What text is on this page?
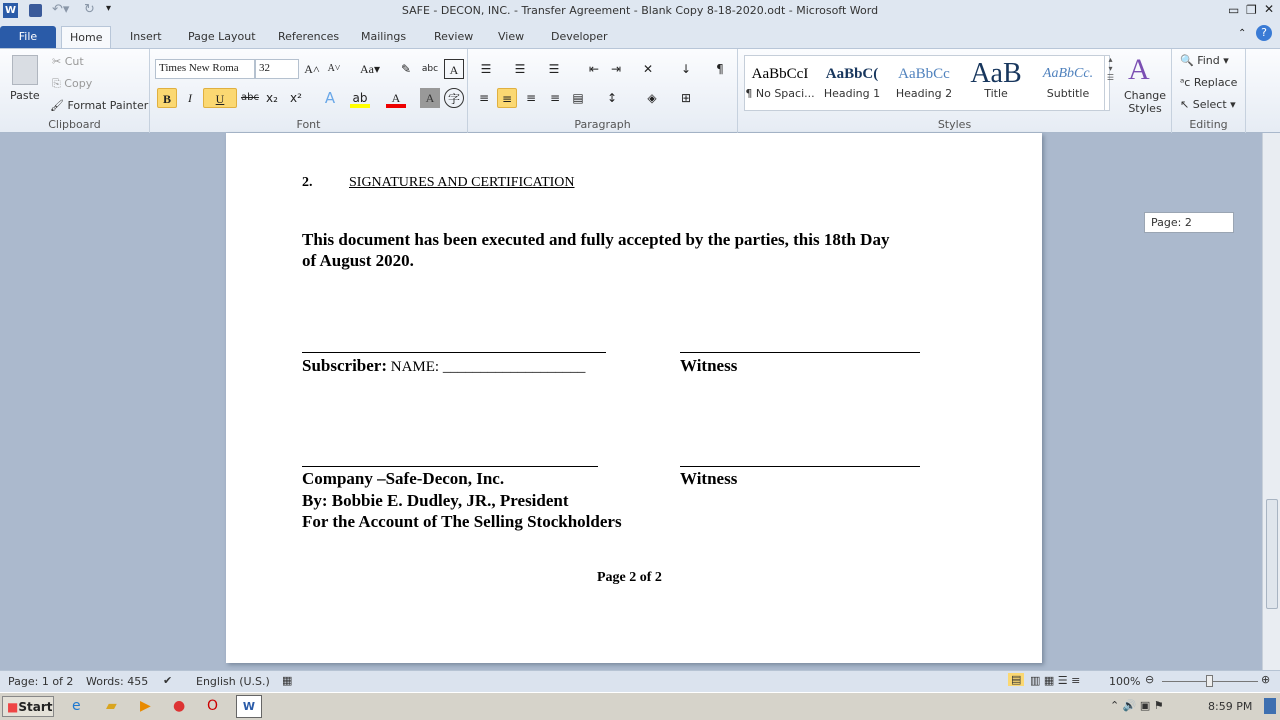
W	↶▾ ↻ ▾	SAFE - DECON, INC. - Transfer Agreement - Blank Copy 8-18-2020.odt - Microsoft Word	▭ ❐ ✕
File	Home	Insert	Page Layout	References	Mailings	Review	View	Developer	⌃	?
Paste
✂ Cut
⎘ Copy
🖌 Format Painter
Clipboard
Times New Roma	32	A˄ A˅	Aa▾	✎	abc A
B	I	U	abc x₂	x²	A	ab	A	A	字
Font
☰	☰	☰	⇤ ⇥	✕	↓	¶
≡	≡	≡	≡	▤	↕	◈	⊞
Paragraph
AaBbCcI
¶ No Spaci...
AaBbC(
Heading 1
AaBbCc
Heading 2
AaB
Title
AaBbCc.
Subtitle
▴
▾
☰ A
Change Styles
Styles
🔍 Find ▾
ᵃc Replace
↖ Select ▾
Editing
2.	SIGNATURES AND CERTIFICATION
This document has been executed and fully accepted by the parties, this 18th Day
of August 2020.
Subscriber: NAME: ___________________	Witness
Company –Safe-Decon, Inc.	Witness
By: Bobbie E. Dudley, JR., President
For the Account of The Selling Stockholders
Page 2 of 2
Page: 2
Page: 1 of 2 Words: 455 ✔ English (U.S.) ▦	▤ ▥ ▦ ☰ ≡	100% ⊖	⊕
■Start e ▰ ▶ ● O	W	⌃ 🔊 ▣ ⚑	8:59 PM
